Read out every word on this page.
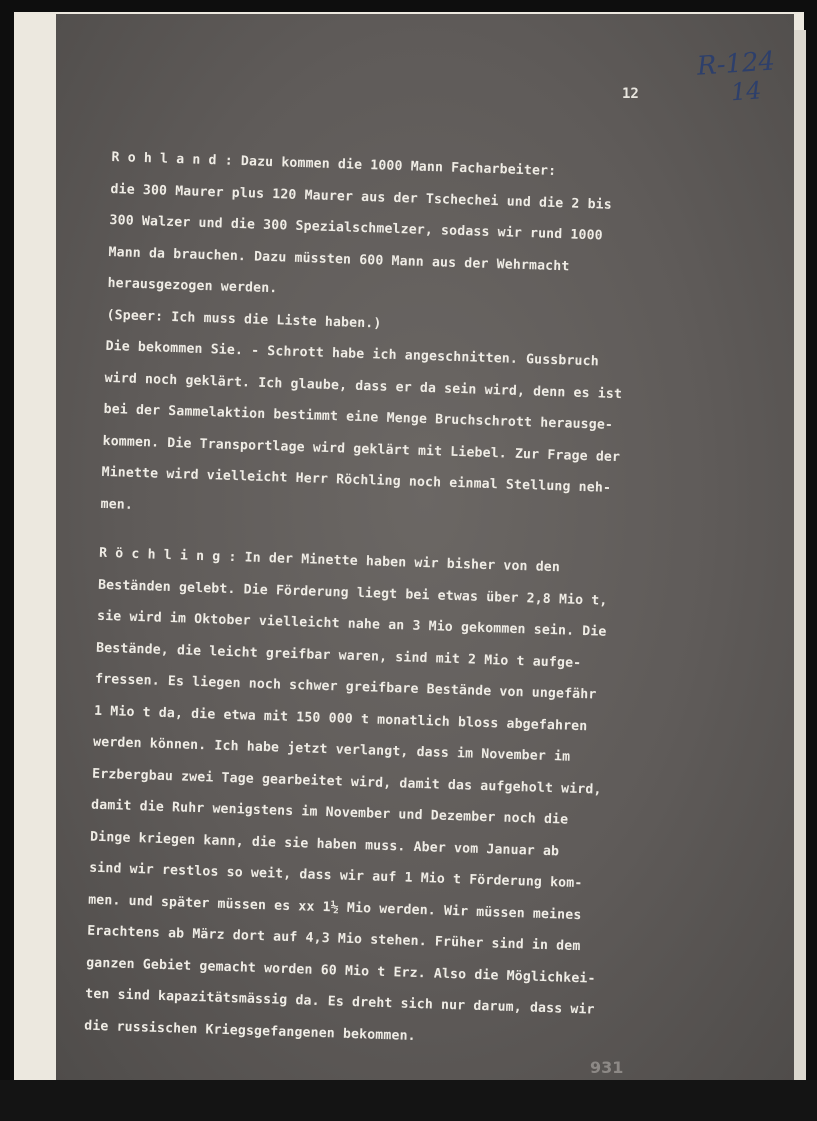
12
R-124
14
R o h l a n d : Dazu kommen die 1000 Mann Facharbeiter:
die 300 Maurer plus 120 Maurer aus der Tschechei und die 2 bis
300 Walzer und die 300 Spezialschmelzer, sodass wir rund 1000
Mann da brauchen. Dazu müssten 600 Mann aus der Wehrmacht
herausgezogen werden.
(Speer: Ich muss die Liste haben.)
Die bekommen Sie. - Schrott habe ich angeschnitten. Gussbruch
wird noch geklärt. Ich glaube, dass er da sein wird, denn es ist
bei der Sammelaktion bestimmt eine Menge Bruchschrott herausge-
kommen. Die Transportlage wird geklärt mit Liebel. Zur Frage der
Minette wird vielleicht Herr Röchling noch einmal Stellung neh-
men.
R ö c h l i n g : In der Minette haben wir bisher von den
Beständen gelebt. Die Förderung liegt bei etwas über 2,8 Mio t,
sie wird im Oktober vielleicht nahe an 3 Mio gekommen sein. Die
Bestände, die leicht greifbar waren, sind mit 2 Mio t aufge-
fressen. Es liegen noch schwer greifbare Bestände von ungefähr
1 Mio t da, die etwa mit 150 000 t monatlich bloss abgefahren
werden können. Ich habe jetzt verlangt, dass im November im
Erzbergbau zwei Tage gearbeitet wird, damit das aufgeholt wird,
damit die Ruhr wenigstens im November und Dezember noch die
Dinge kriegen kann, die sie haben muss. Aber vom Januar ab
sind wir restlos so weit, dass wir auf 1 Mio t Förderung kom-
men. und später müssen es xx 1½ Mio werden. Wir müssen meines
Erachtens ab März dort auf 4,3 Mio stehen. Früher sind in dem
ganzen Gebiet gemacht worden 60 Mio t Erz. Also die Möglichkei-
ten sind kapazitätsmässig da. Es dreht sich nur darum, dass wir
die russischen Kriegsgefangenen bekommen.
931
